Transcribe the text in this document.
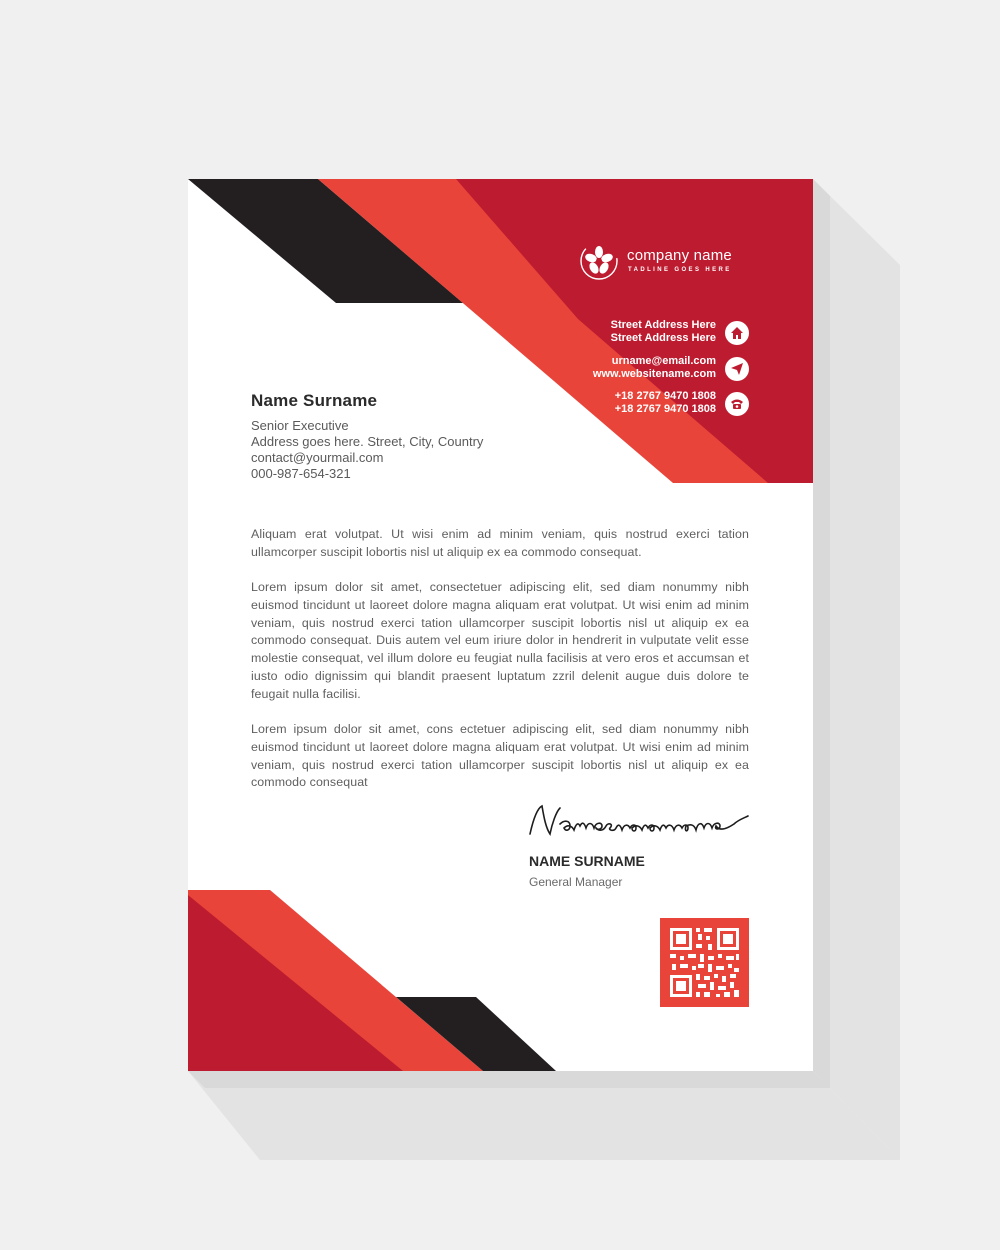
company name
TADLINE GOES HERE
Street Address Here
Street Address Here
urname@email.com
www.websitename.com
+18 2767 9470 1808
+18 2767 9470 1808
Name Surname
Senior Executive
Address goes here. Street, City, Country
contact@yourmail.com
000-987-654-321
Aliquam erat volutpat. Ut wisi enim ad minim veniam, quis nostrud exerci tation ullamcorper suscipit lobortis nisl ut aliquip ex ea commodo consequat.
Lorem ipsum dolor sit amet, consectetuer adipiscing elit, sed diam nonummy nibh euismod tincidunt ut laoreet dolore magna aliquam erat volutpat. Ut wisi enim ad minim veniam, quis nostrud exerci tation ullamcorper suscipit lobortis nisl ut aliquip ex ea commodo consequat. Duis autem vel eum iriure dolor in hendrerit in vulputate velit esse molestie consequat, vel illum dolore eu feugiat nulla facilisis at vero eros et accumsan et iusto odio dignissim qui blandit praesent luptatum zzril delenit augue duis dolore te feugait nulla facilisi.
Lorem ipsum dolor sit amet, cons ectetuer adipiscing elit, sed diam nonummy nibh euismod tincidunt ut laoreet dolore magna aliquam erat volutpat. Ut wisi enim ad minim veniam, quis nostrud exerci tation ullamcorper suscipit lobortis nisl ut aliquip ex ea commodo consequat
NAME SURNAME
General Manager
